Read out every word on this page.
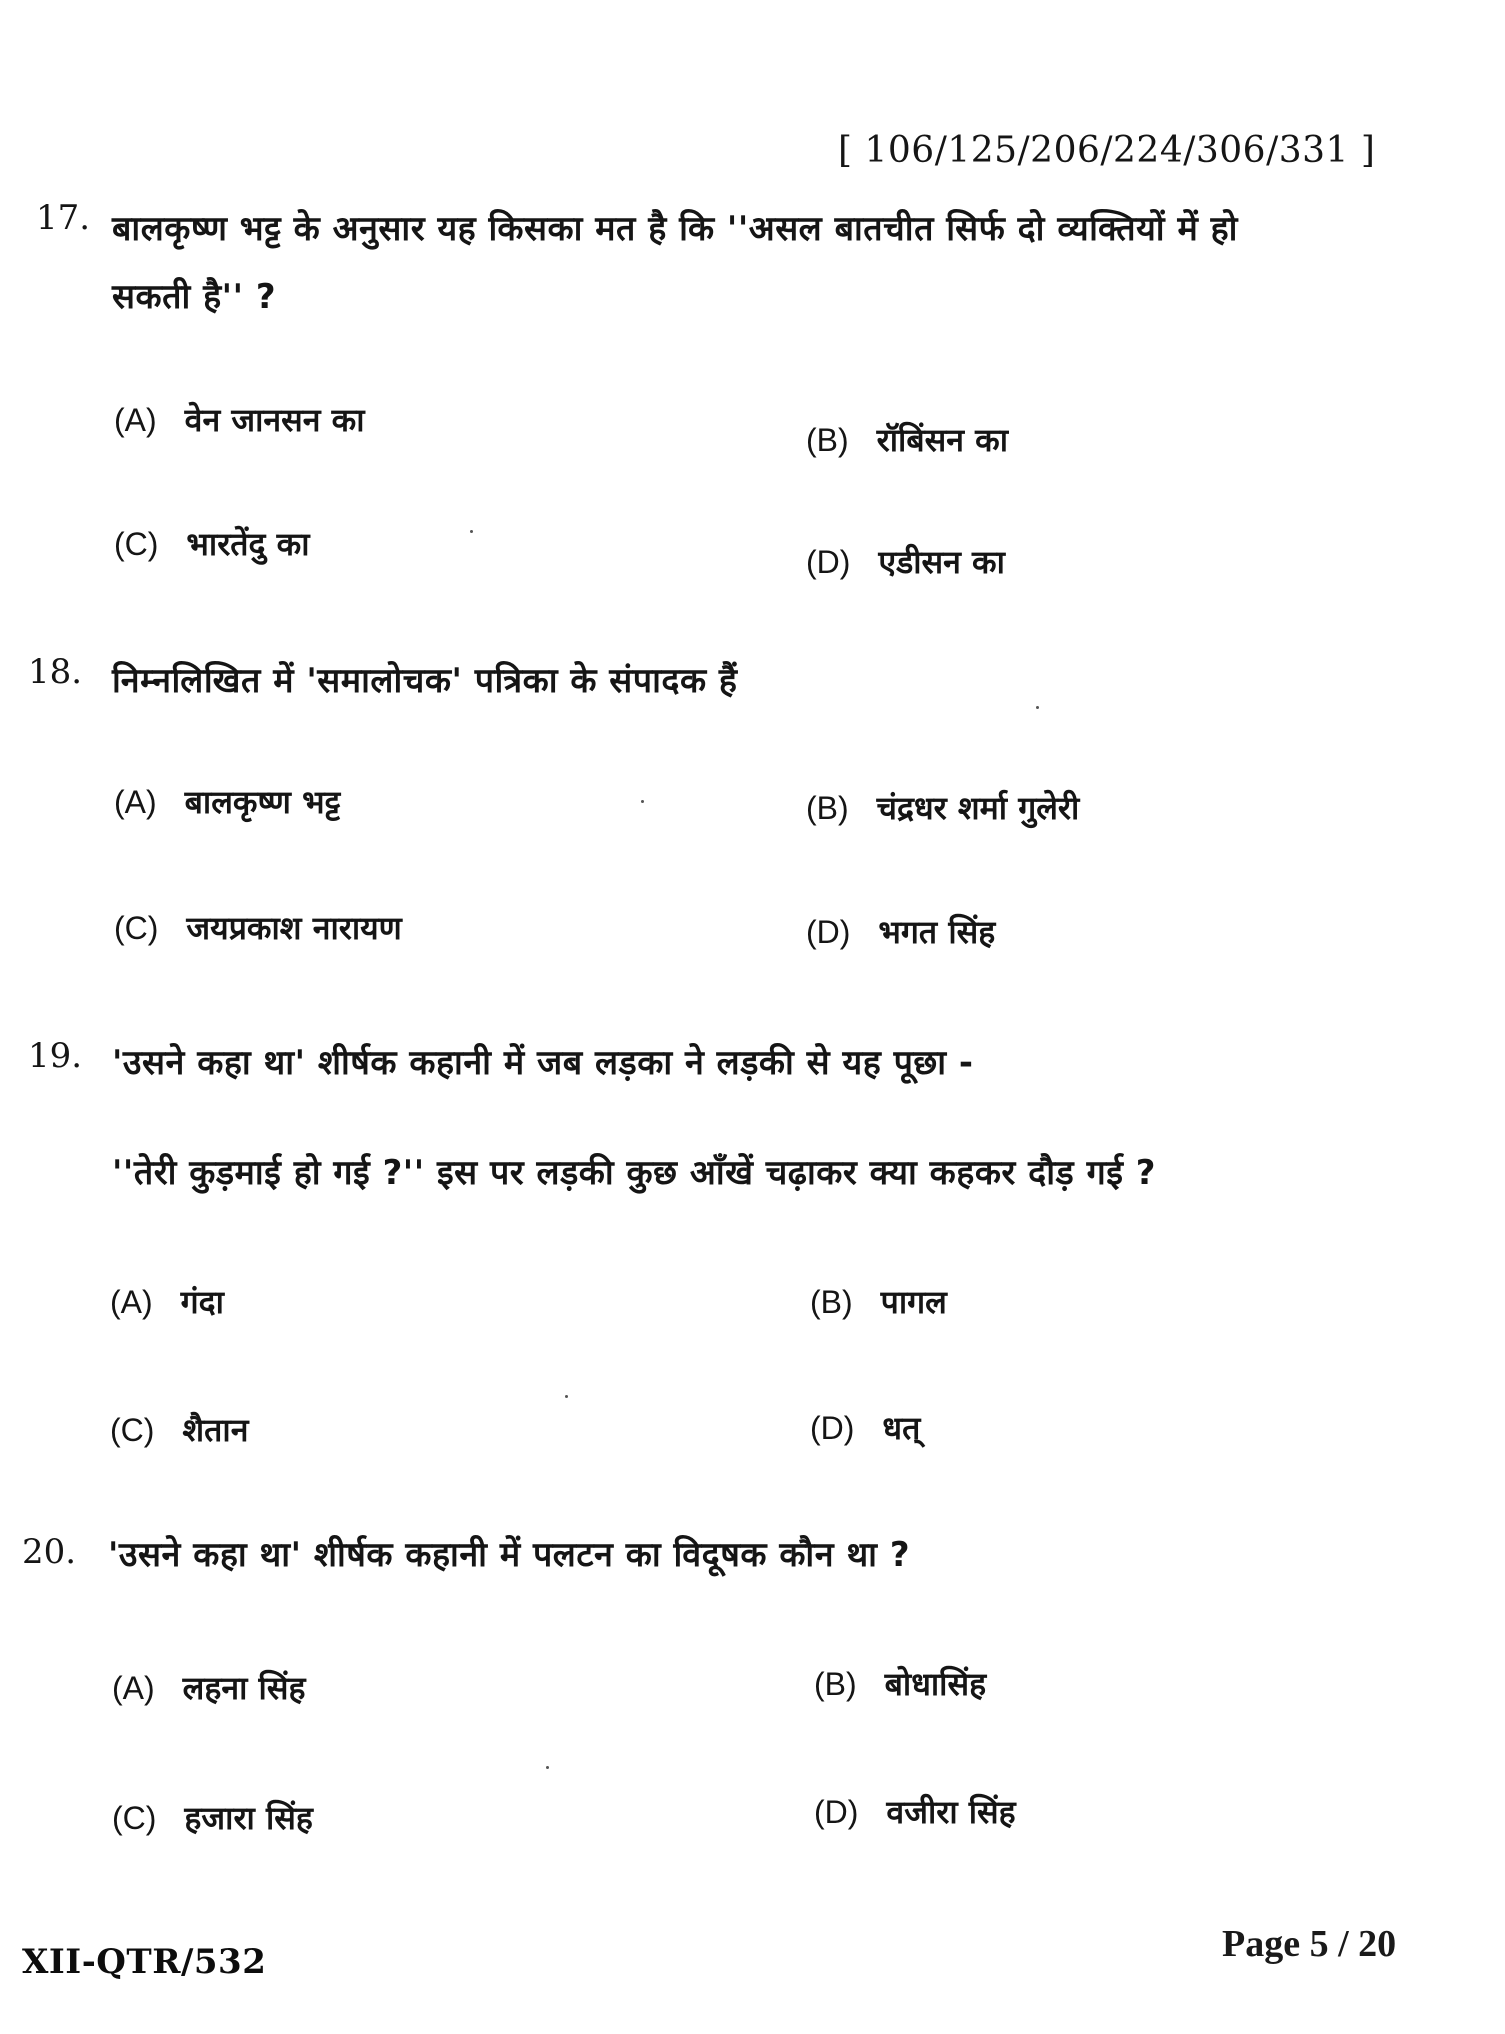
[ 106/125/206/224/306/331 ]
17. बालकृष्ण भट्ट के अनुसार यह किसका मत है कि ''असल बातचीत सिर्फ दो व्यक्तियों में हो
सकती है'' ?
(A) वेन जानसन का
(B) रॉबिंसन का
(C) भारतेंदु का	(D) एडीसन का
18. निम्नलिखित में 'समालोचक' पत्रिका के संपादक हैं
(A) बालकृष्ण भट्ट	(B) चंद्रधर शर्मा गुलेरी
(C) जयप्रकाश नारायण	(D) भगत सिंह
19. 'उसने कहा था' शीर्षक कहानी में जब लड़का ने लड़की से यह पूछा -
''तेरी कुड़माई हो गई ?'' इस पर लड़की कुछ आँखें चढ़ाकर क्या कहकर दौड़ गई ?
(A) गंदा	(B) पागल
(C) शैतान	(D) धत्
20. 'उसने कहा था' शीर्षक कहानी में पलटन का विदूषक कौन था ?
(A) लहना सिंह	(B) बोधासिंह
(C) हजारा सिंह	(D) वजीरा सिंह
XII-QTR/532	Page 5 / 20
